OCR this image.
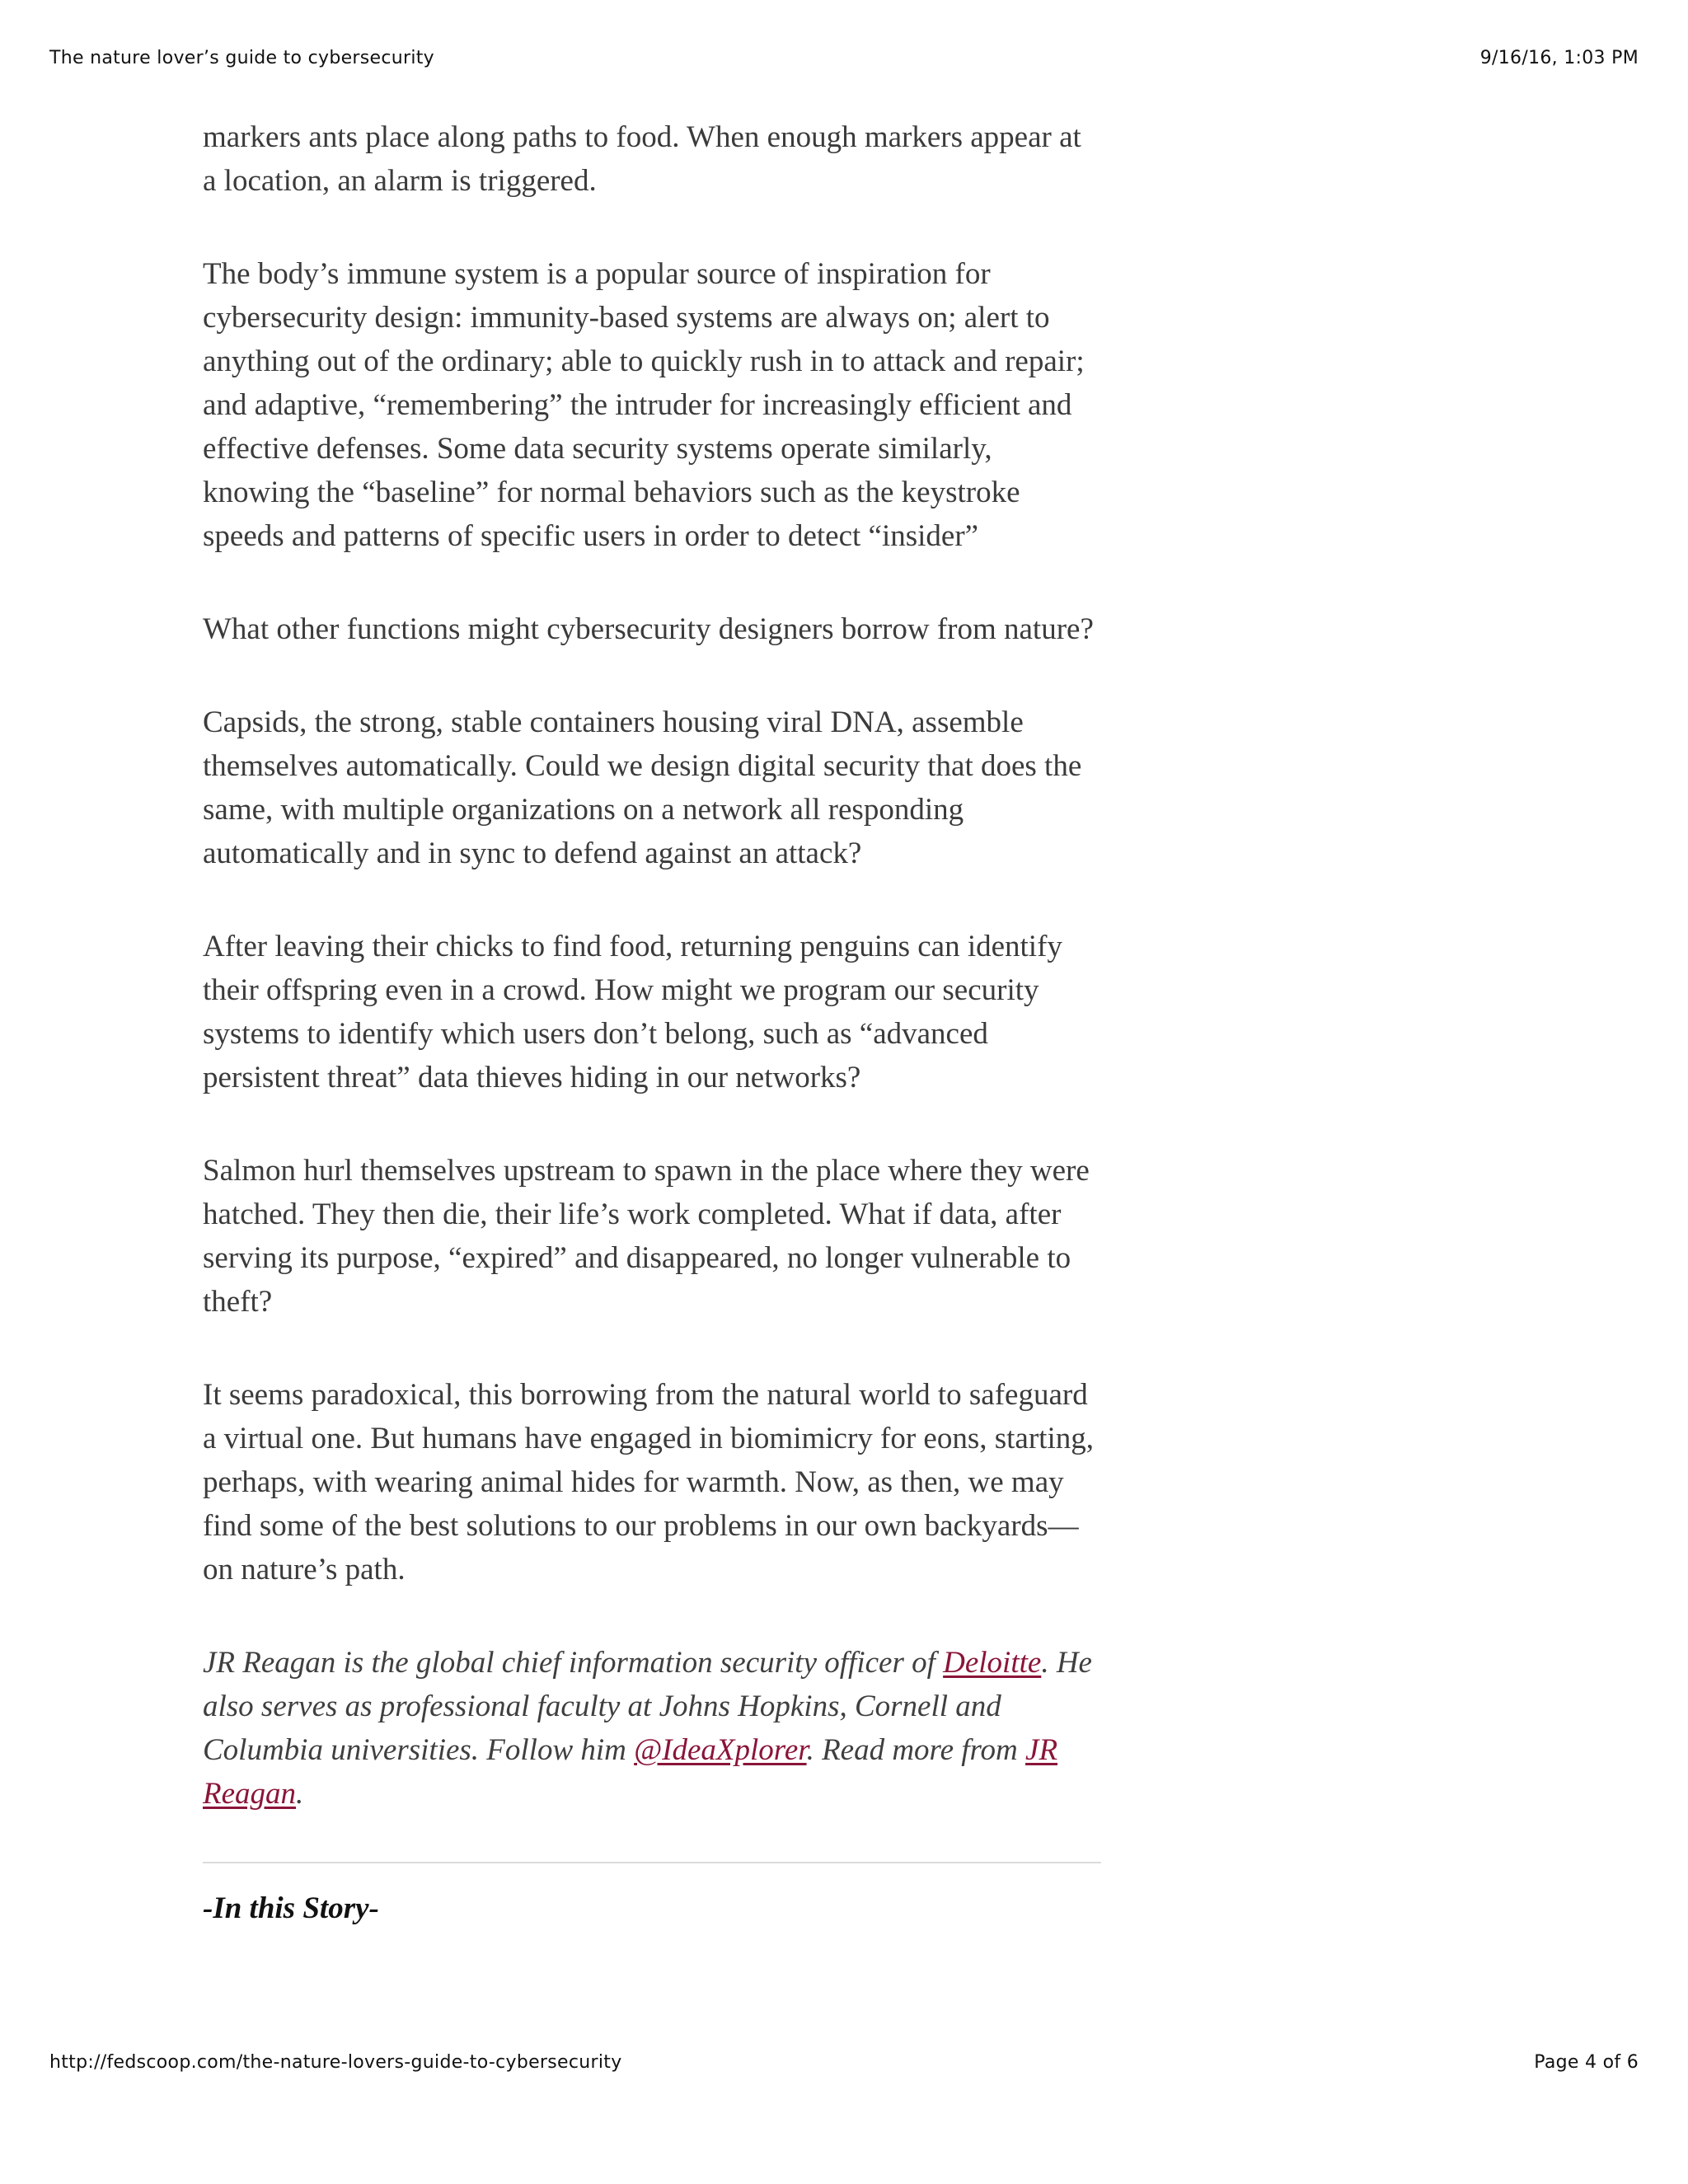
The nature lover’s guide to cybersecurity	9/16/16, 1:03 PM

markers ants place along paths to food. When enough markers appear at a location, an alarm is triggered.

The body’s immune system is a popular source of inspiration for cybersecurity design: immunity-based systems are always on; alert to anything out of the ordinary; able to quickly rush in to attack and repair; and adaptive, “remembering” the intruder for increasingly efficient and effective defenses. Some data security systems operate similarly, knowing the “baseline” for normal behaviors such as the keystroke speeds and patterns of specific users in order to detect “insider”

What other functions might cybersecurity designers borrow from nature?

Capsids, the strong, stable containers housing viral DNA, assemble themselves automatically. Could we design digital security that does the same, with multiple organizations on a network all responding automatically and in sync to defend against an attack?

After leaving their chicks to find food, returning penguins can identify their offspring even in a crowd. How might we program our security systems to identify which users don’t belong, such as “advanced persistent threat” data thieves hiding in our networks?

Salmon hurl themselves upstream to spawn in the place where they were hatched. They then die, their life’s work completed. What if data, after serving its purpose, “expired” and disappeared, no longer vulnerable to theft?

It seems paradoxical, this borrowing from the natural world to safeguard a virtual one. But humans have engaged in biomimicry for eons, starting, perhaps, with wearing animal hides for warmth. Now, as then, we may find some of the best solutions to our problems in our own backyards—on nature’s path.

JR Reagan is the global chief information security officer of Deloitte. He also serves as professional faculty at Johns Hopkins, Cornell and Columbia universities. Follow him @IdeaXplorer. Read more from JR Reagan.

-In this Story-
http://fedscoop.com/the-nature-lovers-guide-to-cybersecurity	Page 4 of 6
